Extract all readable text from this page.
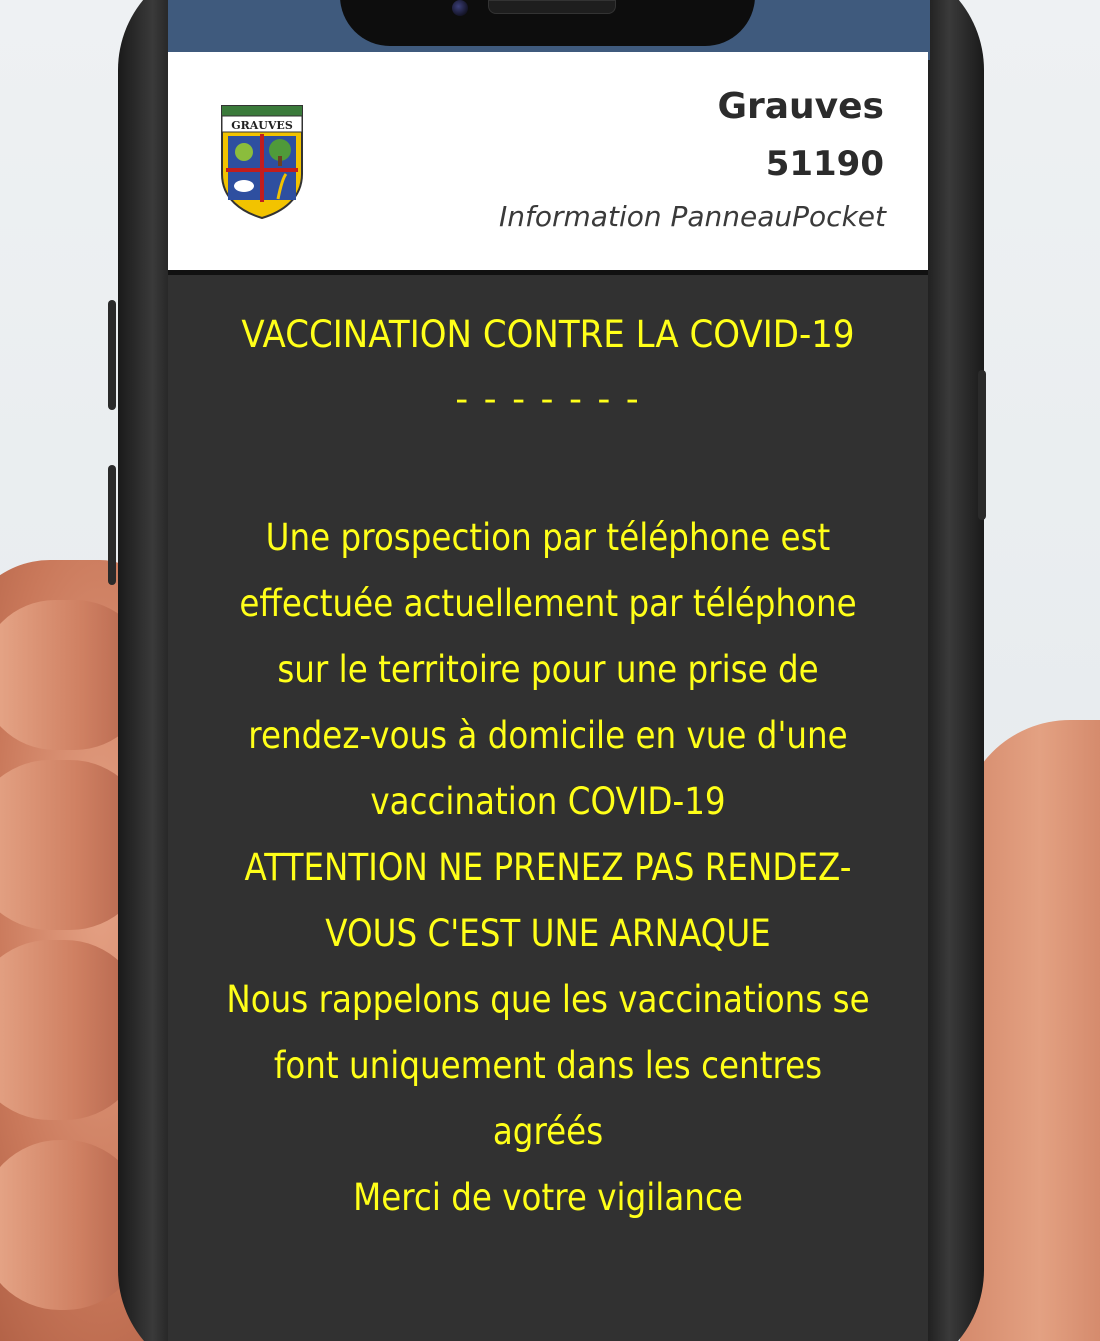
GRAUVES	Grauves
51190
Information PanneauPocket
VACCINATION CONTRE LA COVID-19
- - - - - - -
Une prospection par téléphone est
effectuée actuellement par téléphone
sur le territoire pour une prise de
rendez-vous à domicile en vue d'une
vaccination COVID-19
ATTENTION NE PRENEZ PAS RENDEZ-
VOUS C'EST UNE ARNAQUE
Nous rappelons que les vaccinations se
font uniquement dans les centres
agréés
Merci de votre vigilance
